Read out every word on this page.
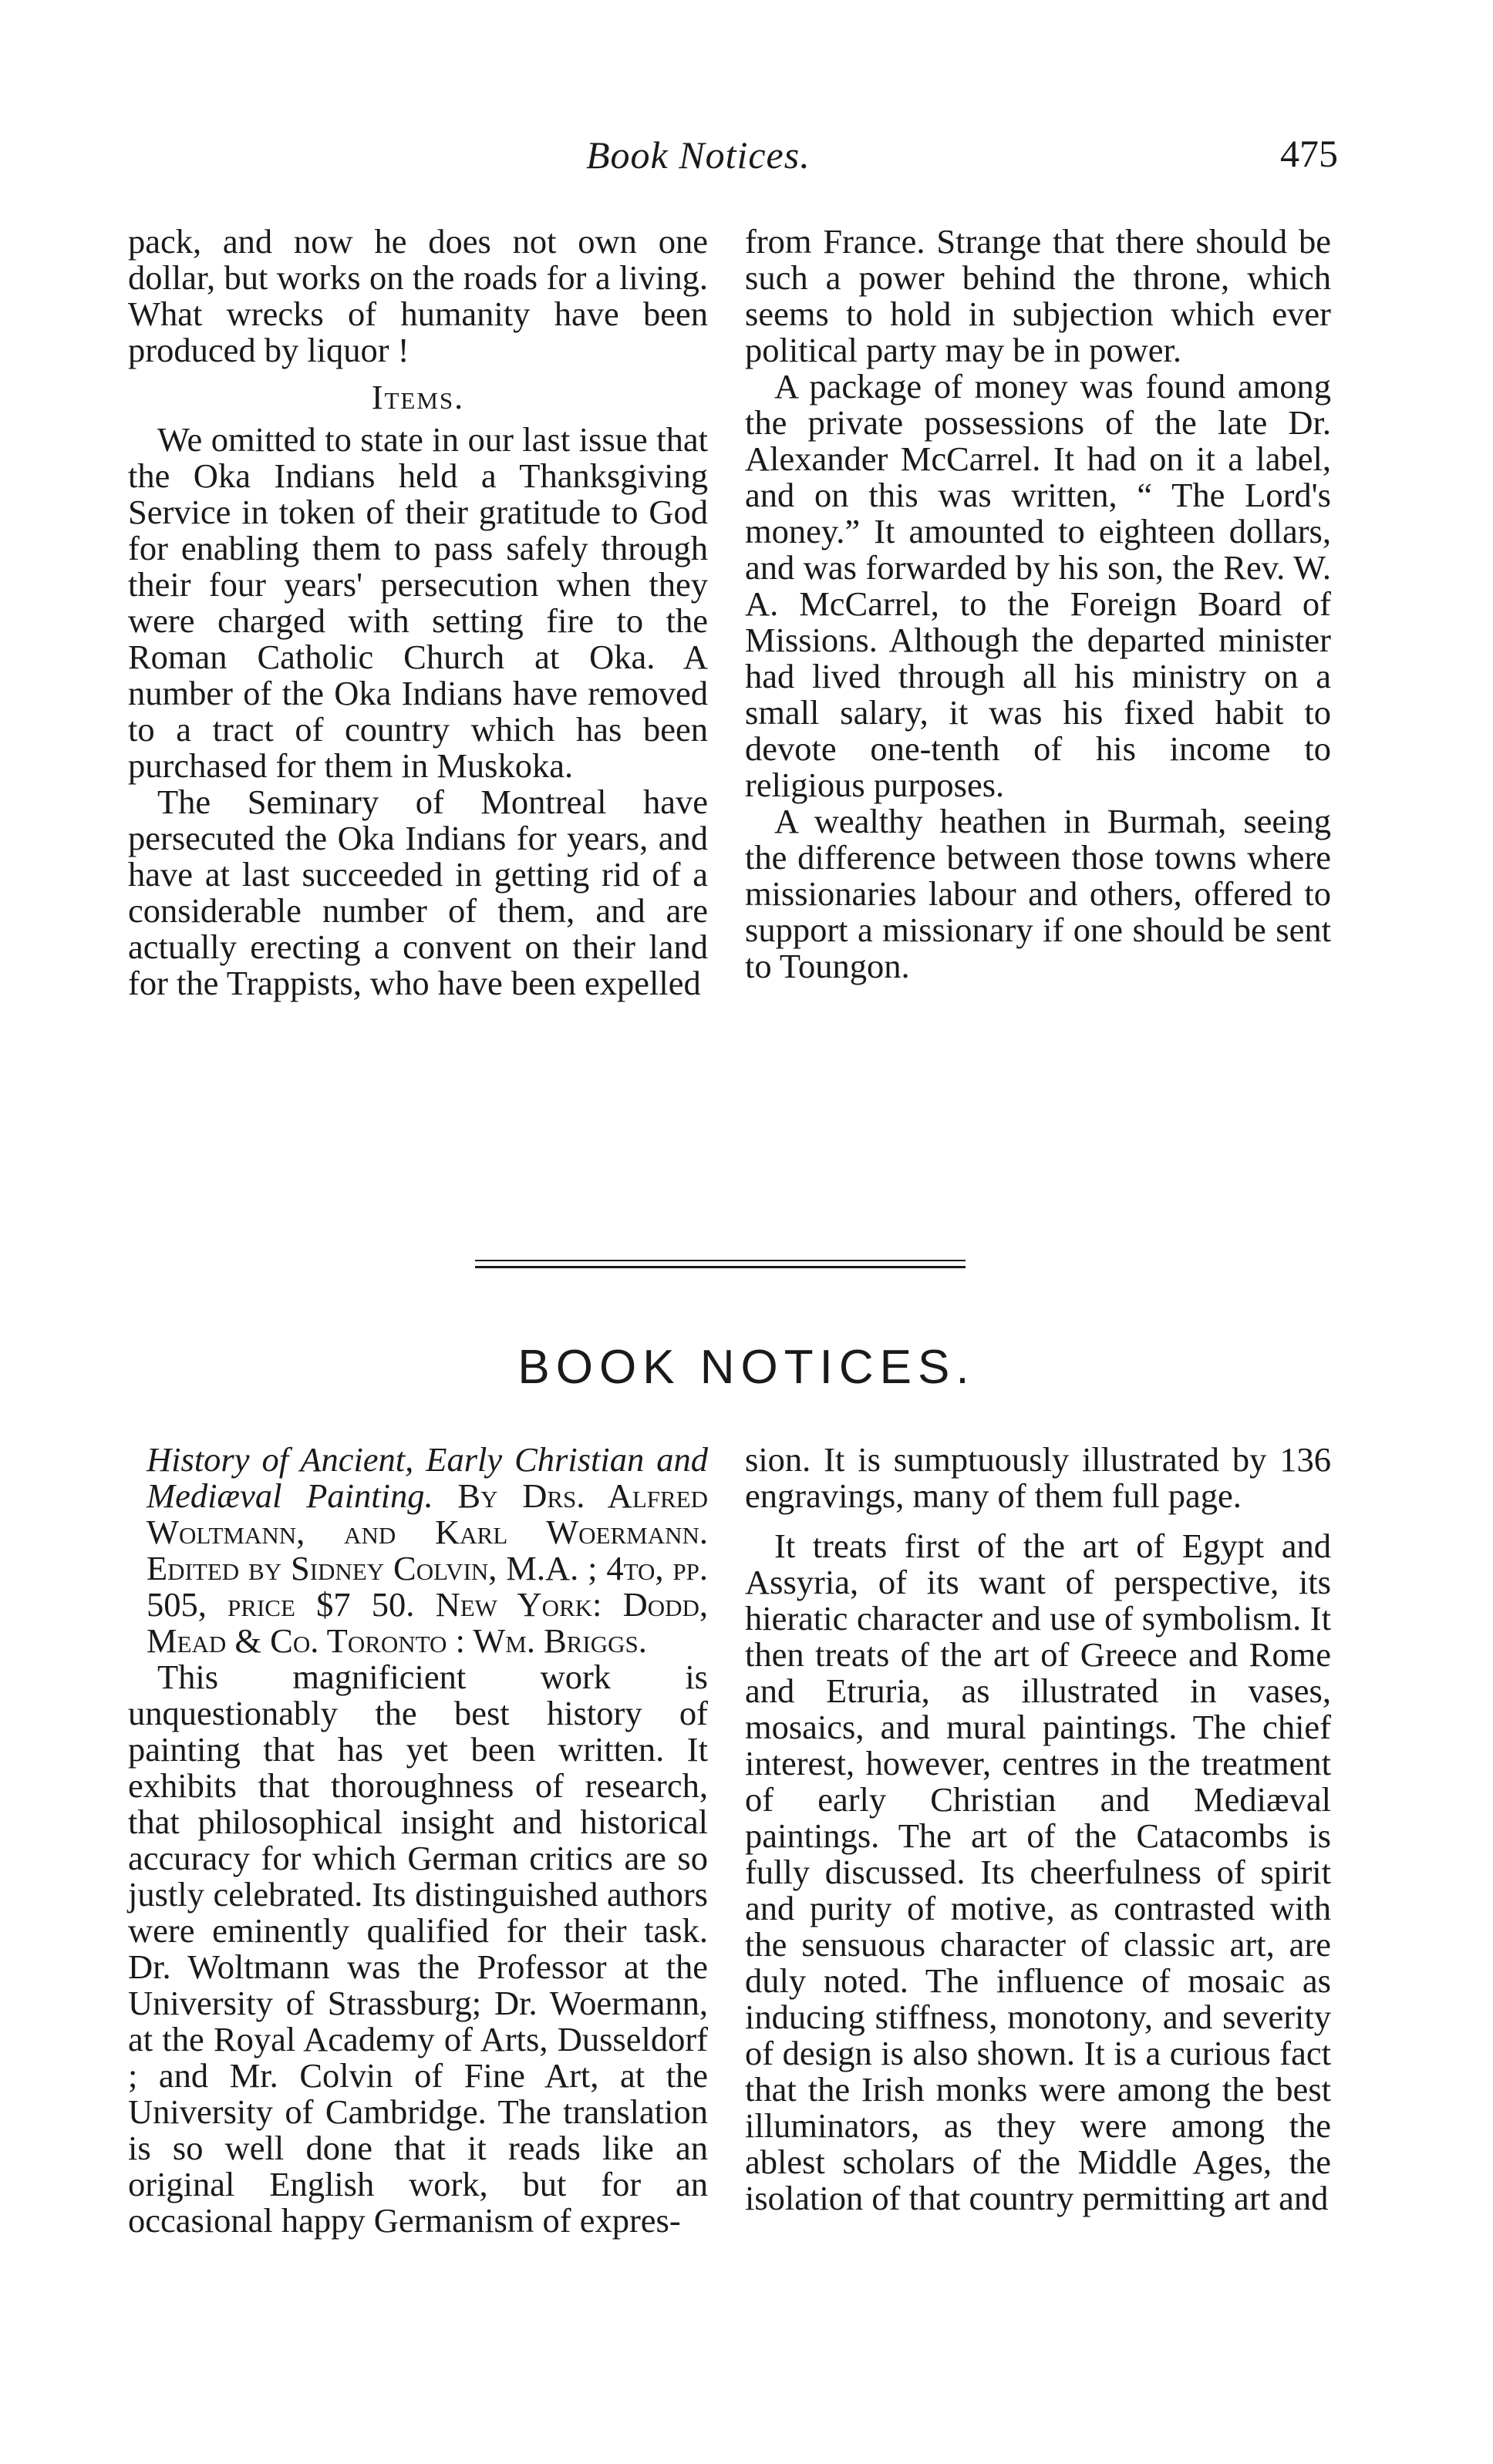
Book Notices.	475

pack, and now he does not own one dollar, but works on the roads for a living. What wrecks of humanity have been produced by liquor !

Items.

We omitted to state in our last issue that the Oka Indians held a Thanksgiving Service in token of their gratitude to God for enabling them to pass safely through their four years' persecution when they were charged with setting fire to the Roman Catholic Church at Oka. A number of the Oka Indians have removed to a tract of country which has been purchased for them in Muskoka.

The Seminary of Montreal have persecuted the Oka Indians for years, and have at last succeeded in getting rid of a considerable number of them, and are actually erecting a convent on their land for the Trappists, who have been expelled

from France. Strange that there should be such a power behind the throne, which seems to hold in subjection which ever political party may be in power.

A package of money was found among the private possessions of the late Dr. Alexander McCarrel. It had on it a label, and on this was written, “ The Lord's money.” It amounted to eighteen dollars, and was forwarded by his son, the Rev. W. A. McCarrel, to the Foreign Board of Missions. Although the departed minister had lived through all his ministry on a small salary, it was his fixed habit to devote one-tenth of his income to religious purposes.

A wealthy heathen in Burmah, seeing the difference between those towns where missionaries labour and others, offered to support a missionary if one should be sent to Toungon.

BOOK NOTICES.

History of Ancient, Early Christian and Mediæval Painting. By Drs. Alfred Woltmann, and Karl Woermann. Edited by Sidney Colvin, M.A. ; 4to, pp. 505, price $7 50. New York: Dodd, Mead & Co. Toronto : Wm. Briggs.

This magnificient work is unquestionably the best history of painting that has yet been written. It exhibits that thoroughness of research, that philosophical insight and historical accuracy for which German critics are so justly celebrated. Its distinguished authors were eminently qualified for their task. Dr. Woltmann was the Professor at the University of Strassburg; Dr. Woermann, at the Royal Academy of Arts, Dusseldorf ; and Mr. Colvin of Fine Art, at the University of Cambridge. The translation is so well done that it reads like an original English work, but for an occasional happy Germanism of expres-

sion. It is sumptuously illustrated by 136 engravings, many of them full page.

It treats first of the art of Egypt and Assyria, of its want of perspective, its hieratic character and use of symbolism. It then treats of the art of Greece and Rome and Etruria, as illustrated in vases, mosaics, and mural paintings. The chief interest, however, centres in the treatment of early Christian and Mediæval paintings. The art of the Catacombs is fully discussed. Its cheerfulness of spirit and purity of motive, as contrasted with the sensuous character of classic art, are duly noted. The influence of mosaic as inducing stiffness, monotony, and severity of design is also shown. It is a curious fact that the Irish monks were among the best illuminators, as they were among the ablest scholars of the Middle Ages, the isolation of that country permitting art and
